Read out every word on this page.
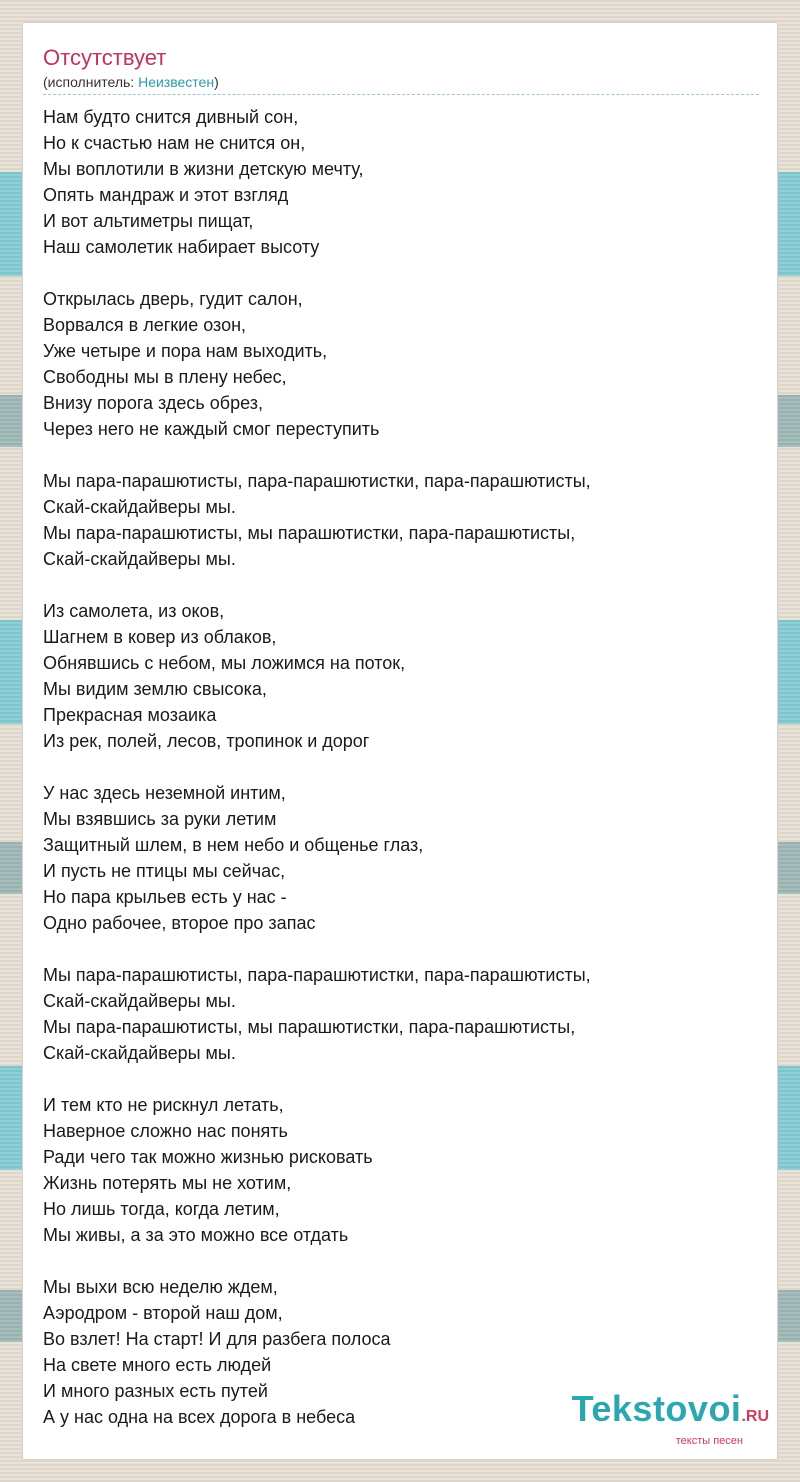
Отсутствует
(исполнитель: Неизвестен)
Нам будто снится дивный сон,
Но к счастью нам не снится он,
Мы воплотили в жизни детскую мечту,
Опять мандраж и этот взгляд
И вот альтиметры пищат,
Наш самолетик набирает высоту
Открылась дверь, гудит салон,
Ворвался в легкие озон,
Уже четыре и пора нам выходить,
Свободны мы в плену небес,
Внизу порога здесь обрез,
Через него не каждый смог переступить
Мы пара-парашютисты, пара-парашютистки, пара-парашютисты,
Скай-скайдайверы мы.
Мы пара-парашютисты, мы парашютистки, пара-парашютисты,
Скай-скайдайверы мы.
Из самолета, из оков,
Шагнем в ковер из облаков,
Обнявшись с небом, мы ложимся на поток,
Мы видим землю свысока,
Прекрасная мозаика
Из рек, полей, лесов, тропинок и дорог
У нас здесь неземной интим,
Мы взявшись за руки летим
Защитный шлем, в нем небо и общенье глаз,
И пусть не птицы мы сейчас,
Но пара крыльев есть у нас -
Одно рабочее, второе про запас
Мы пара-парашютисты, пара-парашютистки, пара-парашютисты,
Скай-скайдайверы мы.
Мы пара-парашютисты, мы парашютистки, пара-парашютисты,
Скай-скайдайверы мы.
И тем кто не рискнул летать,
Наверное сложно нас понять
Ради чего так можно жизнью рисковать
Жизнь потерять мы не хотим,
Но лишь тогда, когда летим,
Мы живы, а за это можно все отдать
Мы выхи всю неделю ждем,
Аэродром - второй наш дом,
Во взлет! На старт! И для разбега полоса
На свете много есть людей
И много разных есть путей
А у нас одна на всех дорога в небеса	Tekstovoi.RU
тексты песен
